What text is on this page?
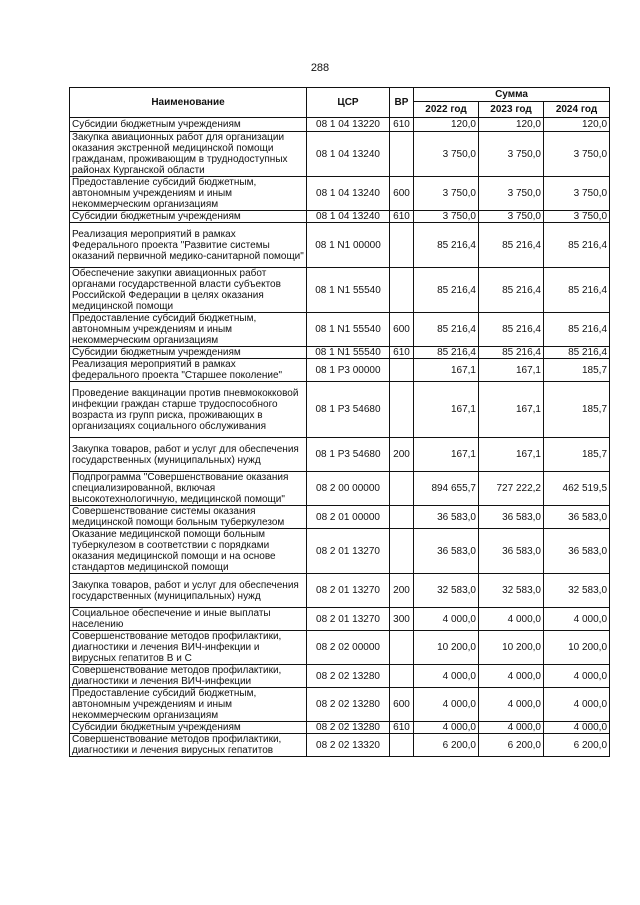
288
Наименование	ЦСР	ВР	Сумма		
			2022 год	2023 год	2024 год
Субсидии бюджетным учреждениям	08 1 04 13220	610	120,0	120,0	120,0
Закупка авиационных работ для организации оказания экстренной медицинской помощи гражданам, проживающим в труднодоступных районах Курганской области	08 1 04 13240		3 750,0	3 750,0	3 750,0
Предоставление субсидий бюджетным, автономным учреждениям и иным некоммерческим организациям	08 1 04 13240	600	3 750,0	3 750,0	3 750,0
Субсидии бюджетным учреждениям	08 1 04 13240	610	3 750,0	3 750,0	3 750,0
Реализация мероприятий в рамках Федерального проекта "Развитие системы оказаний первичной медико-санитарной помощи"	08 1 N1 00000		85 216,4	85 216,4	85 216,4
Обеспечение закупки авиационных работ органами государственной власти субъектов Российской Федерации в целях оказания медицинской помощи	08 1 N1 55540		85 216,4	85 216,4	85 216,4
Предоставление субсидий бюджетным, автономным учреждениям и иным некоммерческим организациям	08 1 N1 55540	600	85 216,4	85 216,4	85 216,4
Субсидии бюджетным учреждениям	08 1 N1 55540	610	85 216,4	85 216,4	85 216,4
Реализация мероприятий в рамках федерального проекта "Старшее поколение"	08 1 P3 00000		167,1	167,1	185,7
Проведение вакцинации против пневмококковой инфекции граждан старше трудоспособного возраста из групп риска, проживающих в организациях социального обслуживания	08 1 P3 54680		167,1	167,1	185,7
Закупка товаров, работ и услуг для обеспечения государственных (муниципальных) нужд	08 1 P3 54680	200	167,1	167,1	185,7
Подпрограмма "Совершенствование оказания специализированной, включая высокотехнологичную, медицинской помощи"	08 2 00 00000		894 655,7	727 222,2	462 519,5
Совершенствование системы оказания медицинской помощи больным туберкулезом	08 2 01 00000		36 583,0	36 583,0	36 583,0
Оказание медицинской помощи больным туберкулезом в соответствии с порядками оказания медицинской помощи и на основе стандартов медицинской помощи	08 2 01 13270		36 583,0	36 583,0	36 583,0
Закупка товаров, работ и услуг для обеспечения государственных (муниципальных) нужд	08 2 01 13270	200	32 583,0	32 583,0	32 583,0
Социальное обеспечение и иные выплаты населению	08 2 01 13270	300	4 000,0	4 000,0	4 000,0
Совершенствование методов профилактики, диагностики и лечения ВИЧ-инфекции и вирусных гепатитов В и С	08 2 02 00000		10 200,0	10 200,0	10 200,0
Совершенствование методов профилактики, диагностики и лечения ВИЧ-инфекции	08 2 02 13280		4 000,0	4 000,0	4 000,0
Предоставление субсидий бюджетным, автономным учреждениям и иным некоммерческим организациям	08 2 02 13280	600	4 000,0	4 000,0	4 000,0
Субсидии бюджетным учреждениям	08 2 02 13280	610	4 000,0	4 000,0	4 000,0
Совершенствование методов профилактики, диагностики и лечения вирусных гепатитов	08 2 02 13320		6 200,0	6 200,0	6 200,0
